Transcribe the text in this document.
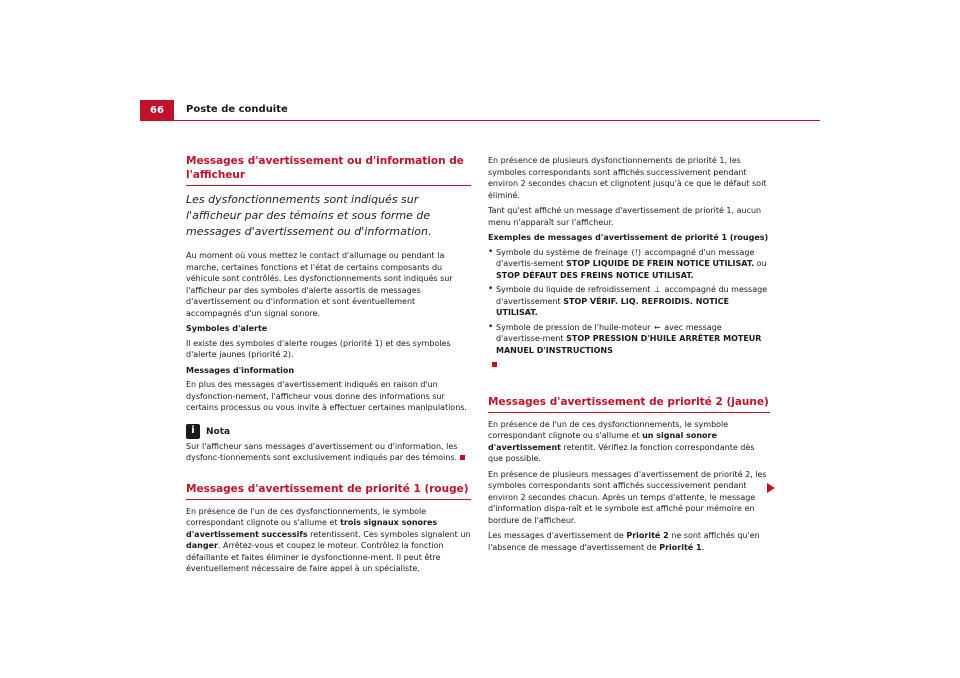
66	Poste de conduite
Messages d'avertissement ou d'information de l'afficheur
Les dysfonctionnements sont indiqués sur l'afficheur par des témoins et sous forme de messages d'avertissement ou d'information.

Au moment où vous mettez le contact d'allumage ou pendant la marche, certaines fonctions et l'état de certains composants du véhicule sont contrôlés. Les dysfonctionnements sont indiqués sur l'afficheur par des symboles d'alerte assortis de messages d'avertissement ou d'information et sont éventuellement accompagnés d'un signal sonore.

Symboles d'alerte

Il existe des symboles d'alerte rouges (priorité 1) et des symboles d'alerte jaunes (priorité 2).

Messages d'information

En plus des messages d'avertissement indiqués en raison d'un dysfonction-nement, l'afficheur vous donne des informations sur certains processus ou vous invite à effectuer certaines manipulations.

i	Nota

Sur l'afficheur sans messages d'avertissement ou d'information, les dysfonc-tionnements sont exclusivement indiqués par des témoins.

Messages d'avertissement de priorité 1 (rouge)

En présence de l'un de ces dysfonctionnements, le symbole correspondant clignote ou s'allume et trois signaux sonores d'avertissement successifs retentissent. Ces symboles signalent un danger. Arrêtez-vous et coupez le moteur. Contrôlez la fonction défaillante et faites éliminer le dysfonctionne-ment. Il peut être éventuellement nécessaire de faire appel à un spécialiste.

En présence de plusieurs dysfonctionnements de priorité 1, les symboles correspondants sont affichés successivement pendant environ 2 secondes chacun et clignotent jusqu'à ce que le défaut soit éliminé.

Tant qu'est affiché un message d'avertissement de priorité 1, aucun menu n'apparaît sur l'afficheur.

Exemples de messages d'avertissement de priorité 1 (rouges)
• Symbole du système de freinage (!) accompagné d'un message d'avertis-sement STOP LIQUIDE DE FREIN NOTICE UTILISAT. ou STOP DÉFAUT DES FREINS NOTICE UTILISAT.
• Symbole du liquide de refroidissement ⊥ accompagné du message d'avertissement STOP VÉRIF. LIQ. REFROIDIS. NOTICE UTILISAT.
• Symbole de pression de l'huile-moteur ⇜ avec message d'avertisse-ment STOP PRESSION D'HUILE ARRÊTER MOTEUR MANUEL D'INSTRUCTIONS
Messages d'avertissement de priorité 2 (jaune)

En présence de l'un de ces dysfonctionnements, le symbole correspondant clignote ou s'allume et un signal sonore d'avertissement retentit. Vérifiez la fonction correspondante dès que possible.

En présence de plusieurs messages d'avertissement de priorité 2, les symboles correspondants sont affichés successivement pendant environ 2 secondes chacun. Après un temps d'attente, le message d'information dispa-raît et le symbole est affiché pour mémoire en bordure de l'afficheur.

Les messages d'avertissement de Priorité 2 ne sont affichés qu'en l'absence de message d'avertissement de Priorité 1.
